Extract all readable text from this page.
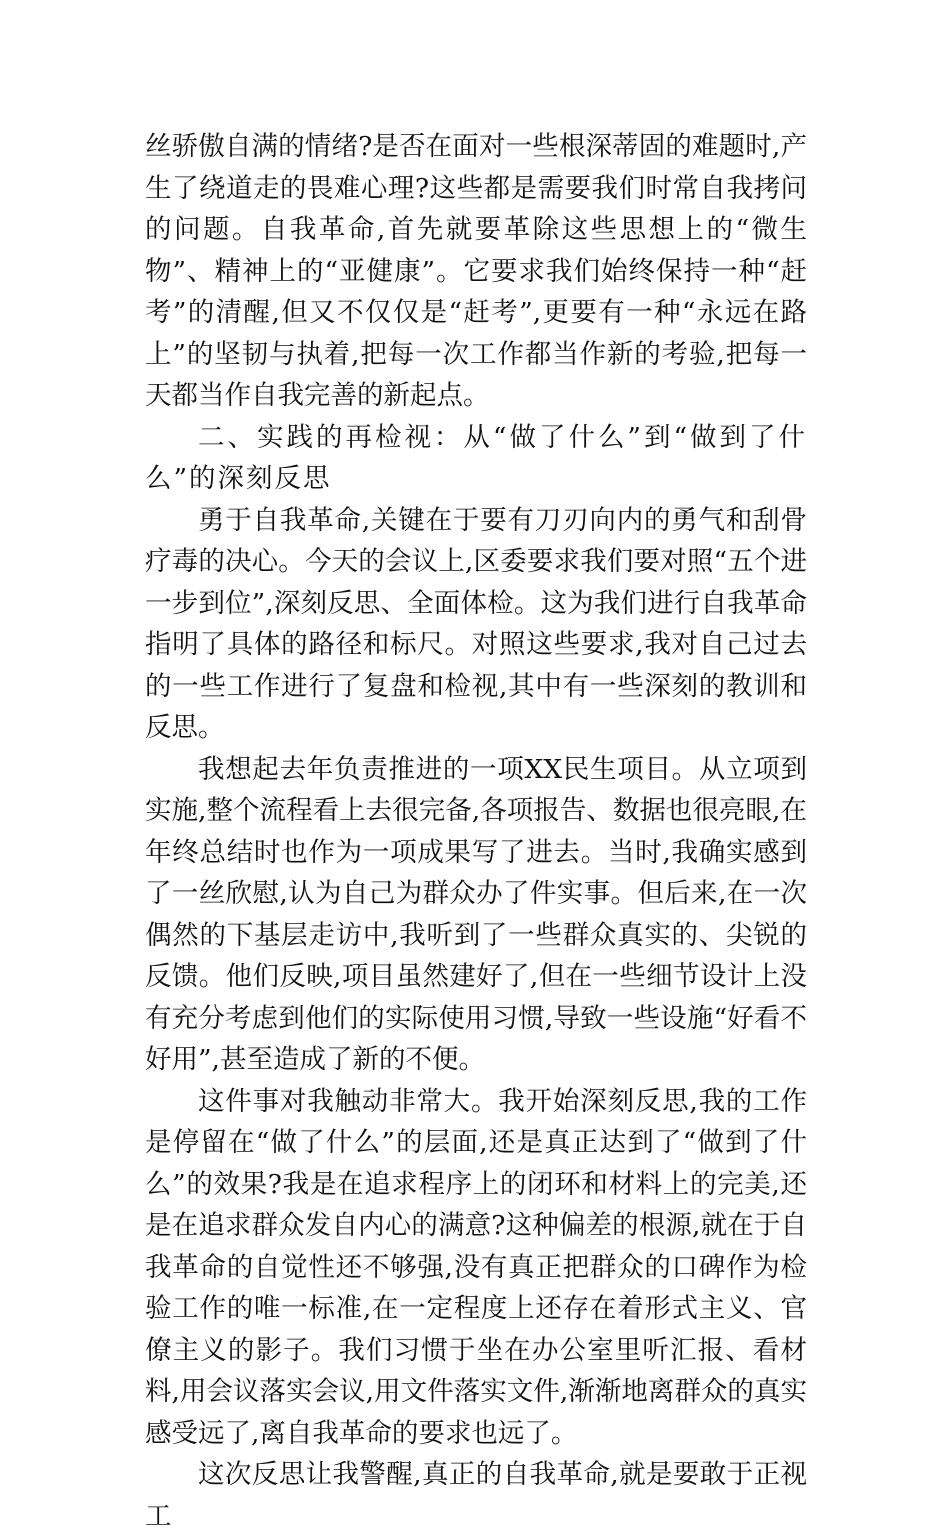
丝骄傲自满的情绪?是否在面对一些根深蒂固的难题时,产生了绕道走的畏难心理?这些都是需要我们时常自我拷问的问题。自我革命,首先就要革除这些思想上的“微生物”、精神上的“亚健康”。它要求我们始终保持一种“赶考”的清醒,但又不仅仅是“赶考”,更要有一种“永远在路上”的坚韧与执着,把每一次工作都当作新的考验,把每一天都当作自我完善的新起点。

二、实践的再检视：从“做了什么”到“做到了什么”的深刻反思

勇于自我革命,关键在于要有刀刃向内的勇气和刮骨疗毒的决心。今天的会议上,区委要求我们要对照“五个进一步到位”,深刻反思、全面体检。这为我们进行自我革命指明了具体的路径和标尺。对照这些要求,我对自己过去的一些工作进行了复盘和检视,其中有一些深刻的教训和反思。

我想起去年负责推进的一项XX民生项目。从立项到实施,整个流程看上去很完备,各项报告、数据也很亮眼,在年终总结时也作为一项成果写了进去。当时,我确实感到了一丝欣慰,认为自己为群众办了件实事。但后来,在一次偶然的下基层走访中,我听到了一些群众真实的、尖锐的反馈。他们反映,项目虽然建好了,但在一些细节设计上没有充分考虑到他们的实际使用习惯,导致一些设施“好看不好用”,甚至造成了新的不便。

这件事对我触动非常大。我开始深刻反思,我的工作是停留在“做了什么”的层面,还是真正达到了“做到了什么”的效果?我是在追求程序上的闭环和材料上的完美,还是在追求群众发自内心的满意?这种偏差的根源,就在于自我革命的自觉性还不够强,没有真正把群众的口碑作为检验工作的唯一标准,在一定程度上还存在着形式主义、官僚主义的影子。我们习惯于坐在办公室里听汇报、看材料,用会议落实会议,用文件落实文件,渐渐地离群众的真实感受远了,离自我革命的要求也远了。

这次反思让我警醒,真正的自我革命,就是要敢于正视工
